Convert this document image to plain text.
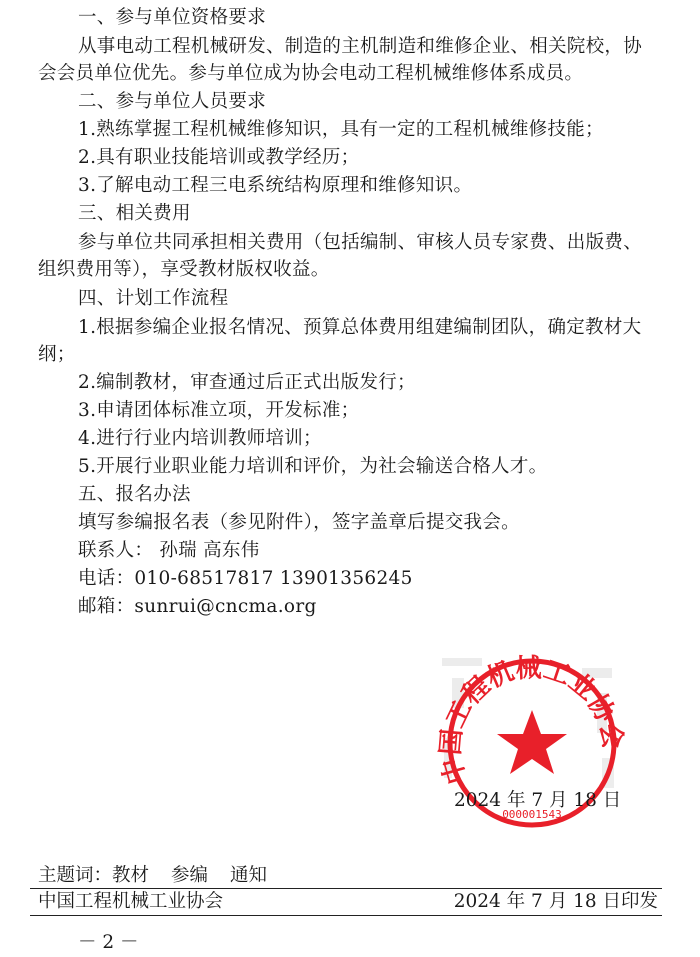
一、参与单位资格要求
从事电动工程机械研发、制造的主机制造和维修企业、相关院校，协
会会员单位优先。参与单位成为协会电动工程机械维修体系成员。
二、参与单位人员要求
1.熟练掌握工程机械维修知识，具有一定的工程机械维修技能；
2.具有职业技能培训或教学经历；
3.了解电动工程三电系统结构原理和维修知识。
三、相关费用
参与单位共同承担相关费用（包括编制、审核人员专家费、出版费、
组织费用等），享受教材版权收益。
四、计划工作流程
1.根据参编企业报名情况、预算总体费用组建编制团队，确定教材大
纲；
2.编制教材，审查通过后正式出版发行；
3.申请团体标准立项，开发标准；
4.进行行业内培训教师培训；
5.开展行业职业能力培训和评价，为社会输送合格人才。
五、报名办法
填写参编报名表（参见附件），签字盖章后提交我会。
联系人： 孙瑞 高东伟
电话：010-68517817 13901356245
邮箱：sunrui@cncma.org
中国工程机械工业协会
000001543
2024 年 7 月 18 日
主题词：教材 参编 通知
中国工程机械工业协会	2024 年 7 月 18 日印发
－ 2 －
